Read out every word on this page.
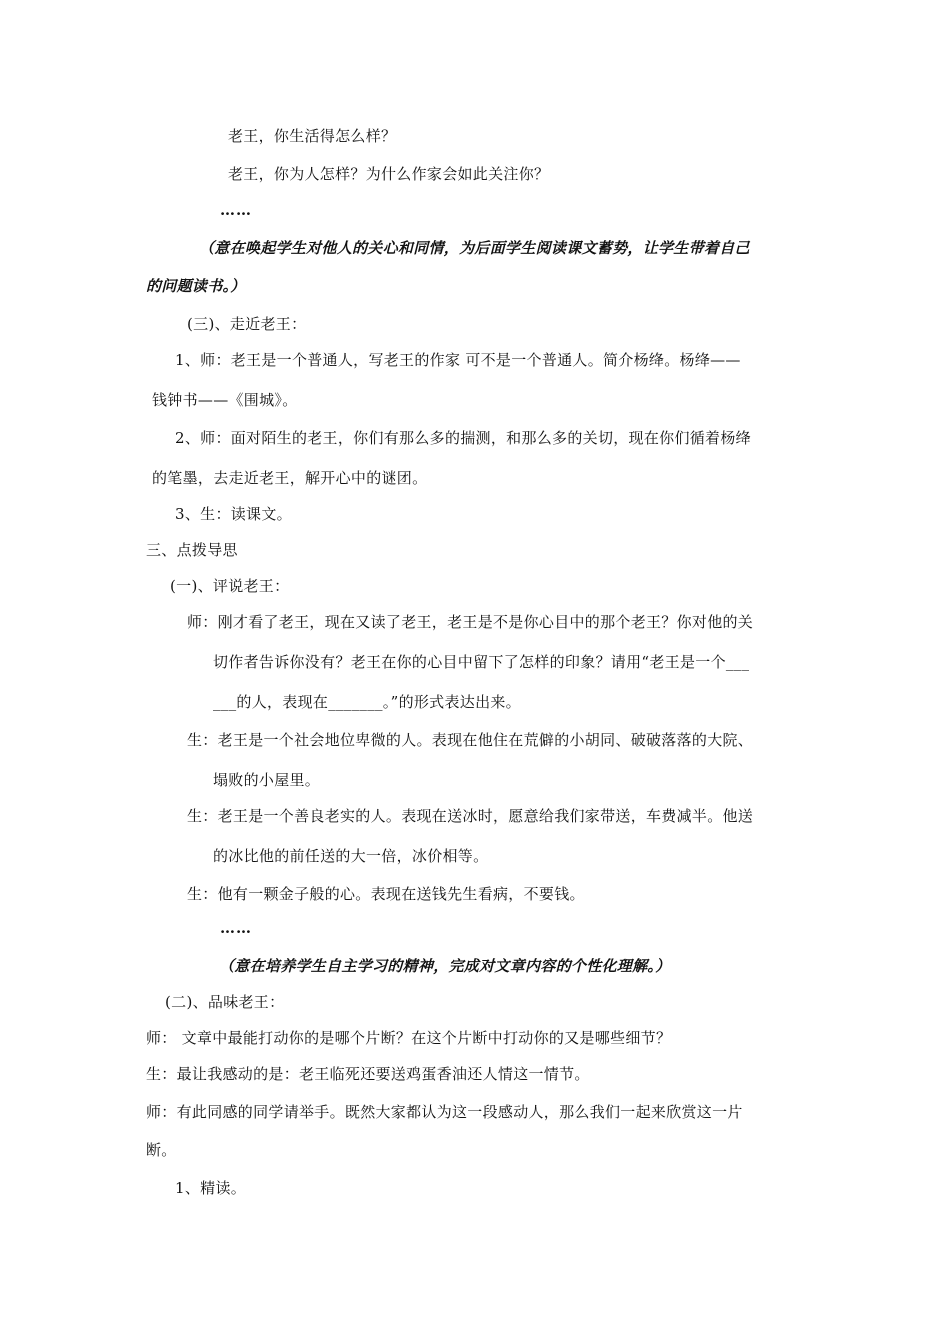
老王，你生活得怎么样？
老王，你为人怎样？为什么作家会如此关注你？
……
（意在唤起学生对他人的关心和同情，为后面学生阅读课文蓄势，让学生带着自己
的问题读书。）
(三)、走近老王：
1、师：老王是一个普通人，写老王的作家 可不是一个普通人。简介杨绛。杨绛——
钱钟书——《围城》。
2、师：面对陌生的老王，你们有那么多的揣测，和那么多的关切，现在你们循着杨绛
的笔墨，去走近老王，解开心中的谜团。
3、生：读课文。
三、点拨导思
(一)、评说老王：
师：刚才看了老王，现在又读了老王，老王是不是你心目中的那个老王？你对他的关
切作者告诉你没有？老王在你的心目中留下了怎样的印象？请用“老王是一个___
___的人，表现在_______。”的形式表达出来。
生：老王是一个社会地位卑微的人。表现在他住在荒僻的小胡同、破破落落的大院、
塌败的小屋里。
生：老王是一个善良老实的人。表现在送冰时，愿意给我们家带送，车费减半。他送
的冰比他的前任送的大一倍，冰价相等。
生：他有一颗金子般的心。表现在送钱先生看病，不要钱。
……
（意在培养学生自主学习的精神，完成对文章内容的个性化理解。）
(二)、品味老王：
师： 文章中最能打动你的是哪个片断？在这个片断中打动你的又是哪些细节？
生：最让我感动的是：老王临死还要送鸡蛋香油还人情这一情节。
师：有此同感的同学请举手。既然大家都认为这一段感动人，那么我们一起来欣赏这一片
断。
1、精读。
